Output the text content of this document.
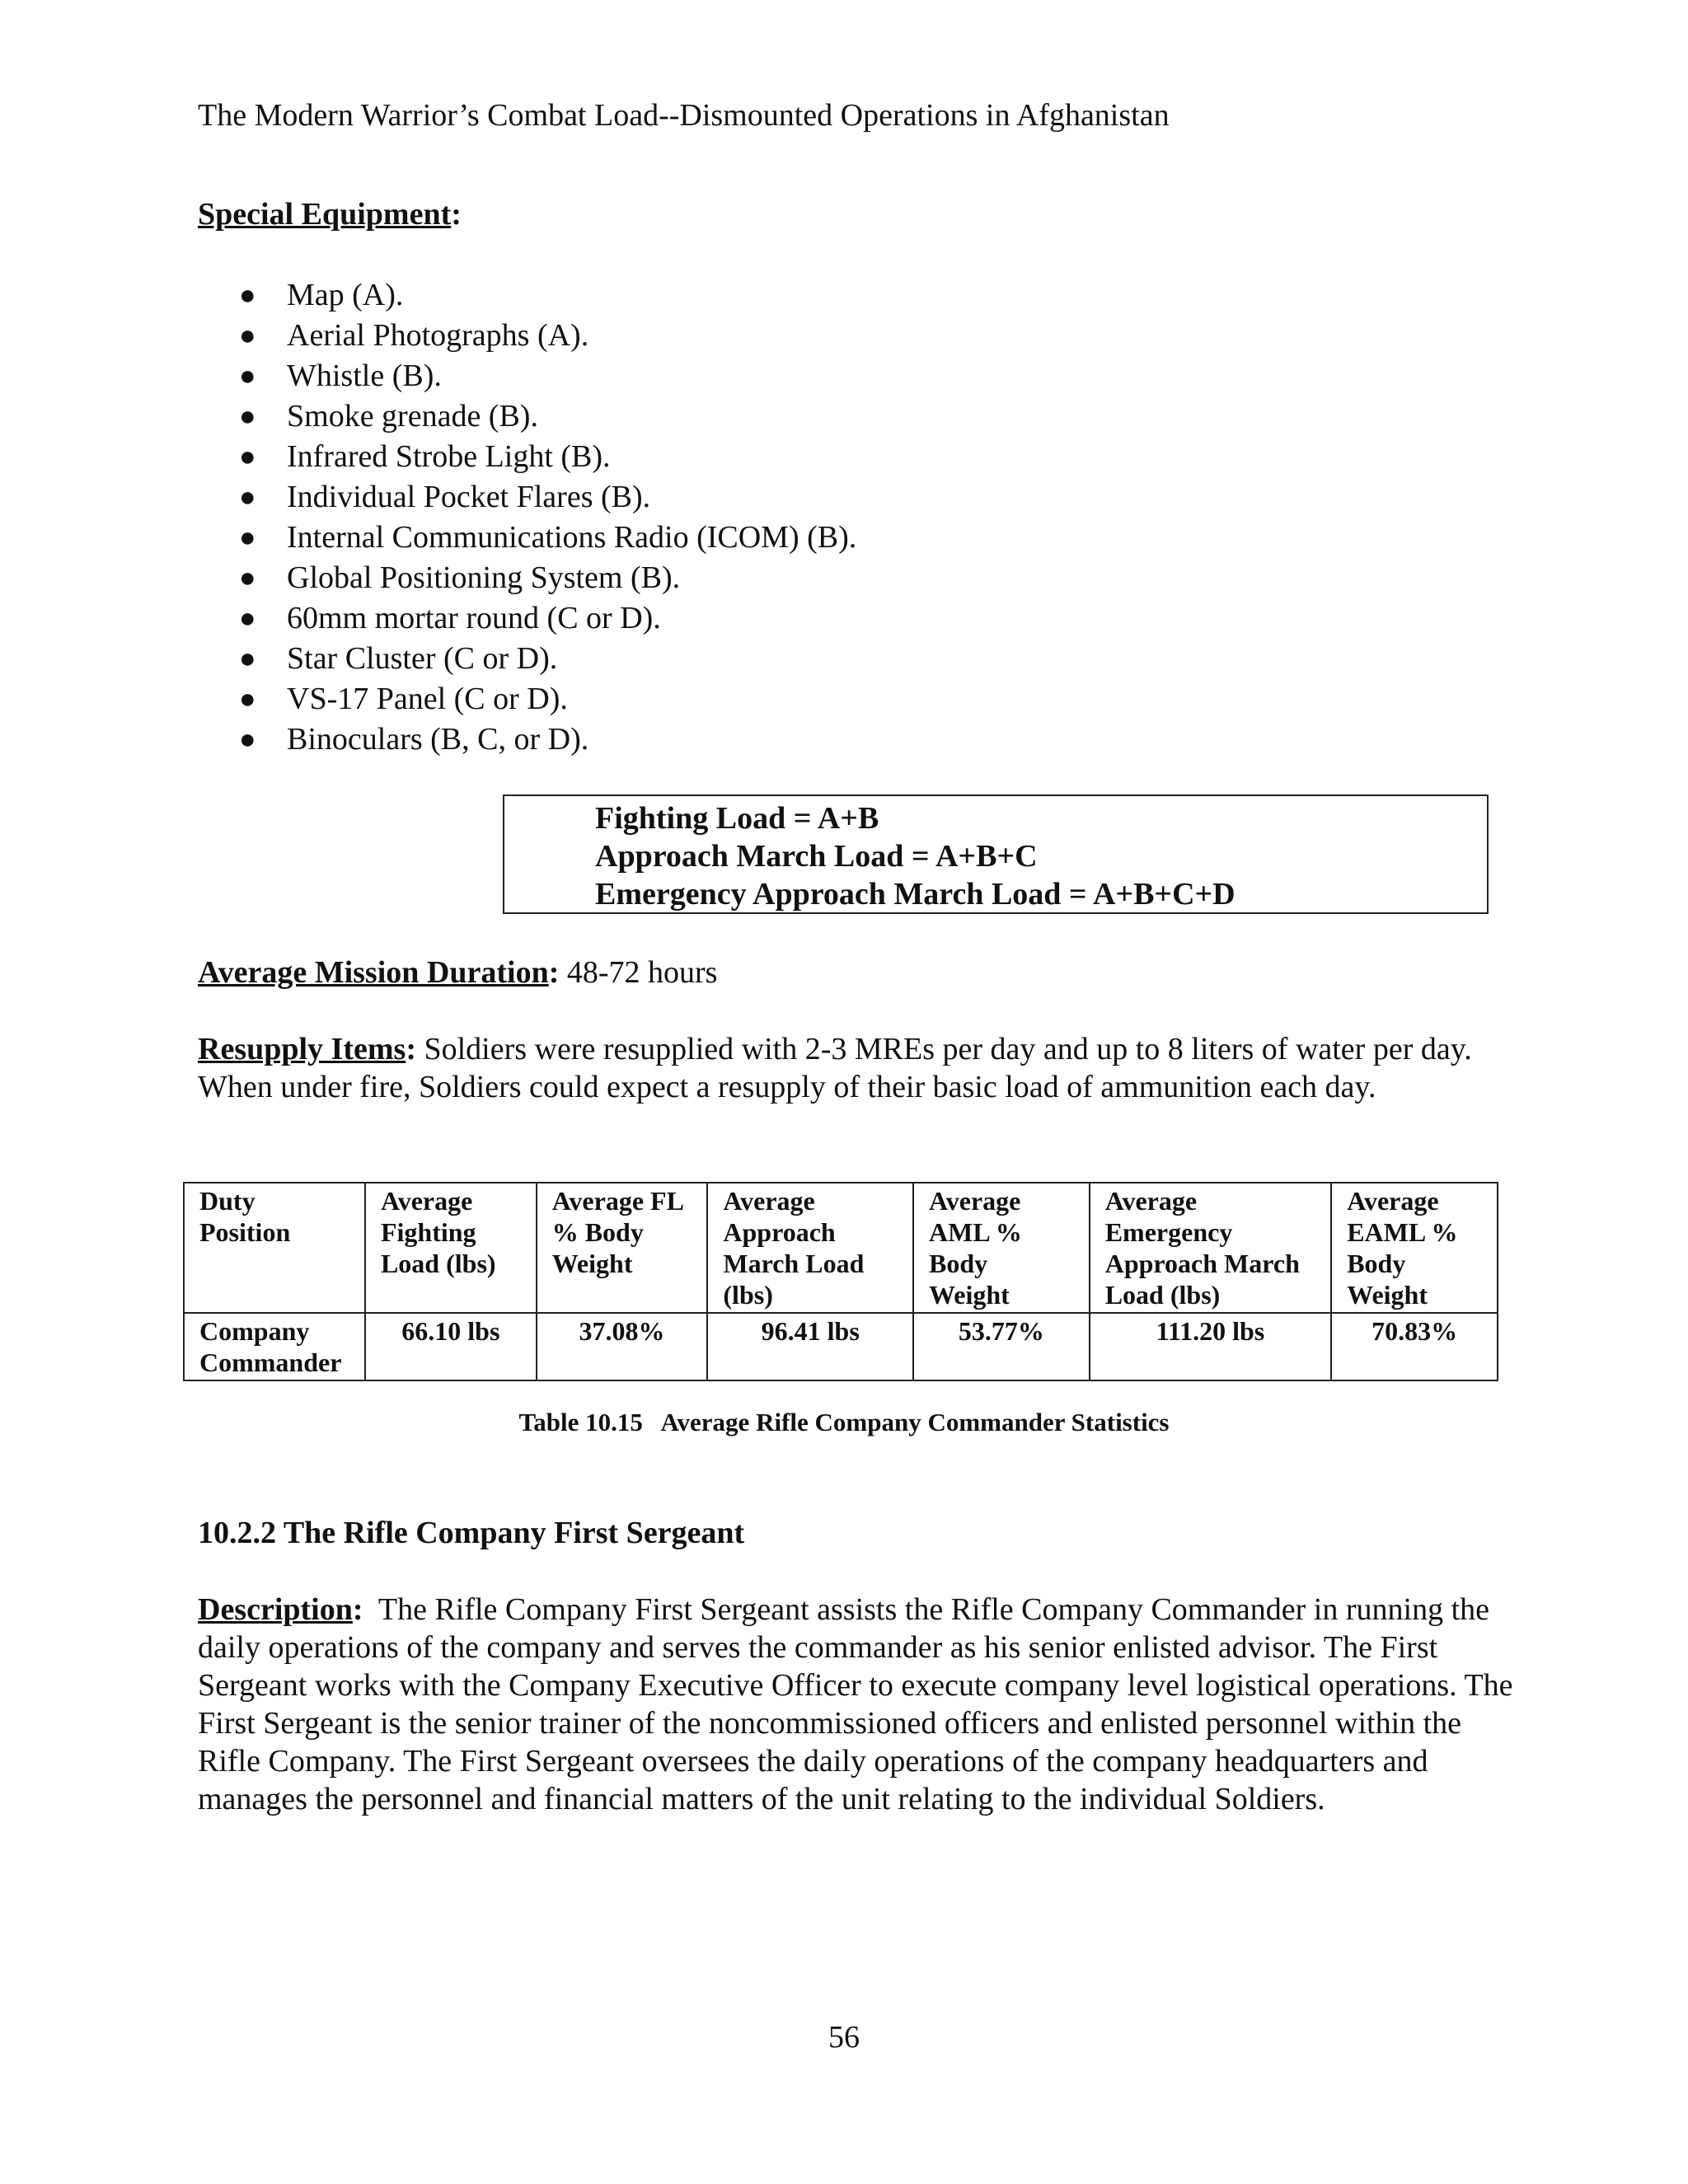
The Modern Warrior’s Combat Load--Dismounted Operations in Afghanistan
Special Equipment:
● Map (A).
● Aerial Photographs (A).
● Whistle (B).
● Smoke grenade (B).
● Infrared Strobe Light (B).
● Individual Pocket Flares (B).
● Internal Communications Radio (ICOM) (B).
● Global Positioning System (B).
● 60mm mortar round (C or D).
● Star Cluster (C or D).
● VS-17 Panel (C or D).
● Binoculars (B, C, or D).
Fighting Load = A+B
Approach March Load = A+B+C
Emergency Approach March Load = A+B+C+D
Average Mission Duration: 48-72 hours
Resupply Items: Soldiers were resupplied with 2-3 MREs per day and up to 8 liters of water per day. When under fire, Soldiers could expect a resupply of their basic load of ammunition each day.
Duty Position	Average Fighting Load (lbs)	Average FL % Body Weight	Average Approach March Load (lbs)	Average AML % Body Weight	Average Emergency Approach March Load (lbs)	Average EAML % Body Weight
Company Commander	66.10 lbs	37.08%	96.41 lbs	53.77%	111.20 lbs	70.83%
Table 10.15   Average Rifle Company Commander Statistics
10.2.2 The Rifle Company First Sergeant
Description: The Rifle Company First Sergeant assists the Rifle Company Commander in running the daily operations of the company and serves the commander as his senior enlisted advisor. The First Sergeant works with the Company Executive Officer to execute company level logistical operations. The First Sergeant is the senior trainer of the noncommissioned officers and enlisted personnel within the Rifle Company. The First Sergeant oversees the daily operations of the company headquarters and manages the personnel and financial matters of the unit relating to the individual Soldiers.
56
